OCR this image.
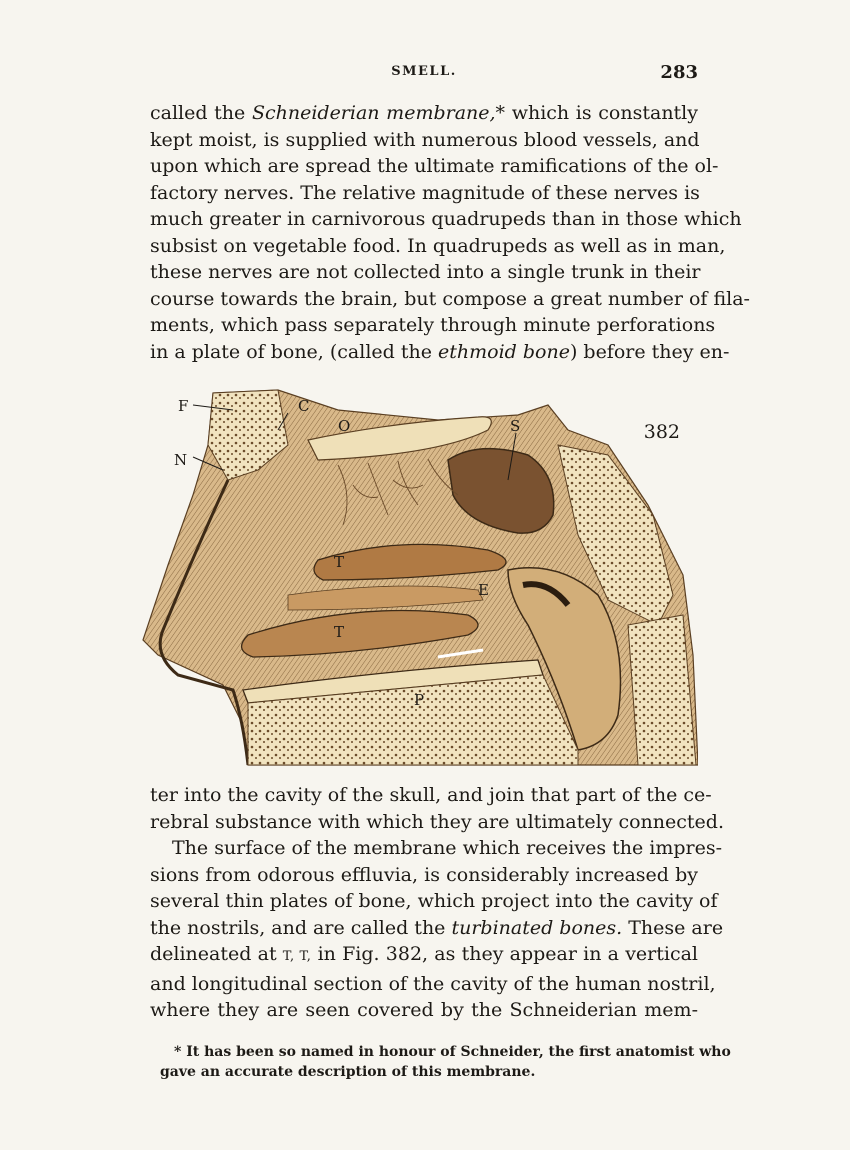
SMELL.	283
called the Schneiderian membrane,* which is constantly
kept moist, is supplied with numerous blood vessels, and
upon which are spread the ultimate ramifications of the ol-
factory nerves. The relative magnitude of these nerves is
much greater in carnivorous quadrupeds than in those which
subsist on vegetable food. In quadrupeds as well as in man,
these nerves are not collected into a single trunk in their
course towards the brain, but compose a great number of fila-
ments, which pass separately through minute perforations
in a plate of bone, (called the ethmoid bone) before they en-
F	C
N
O	S
T
E
T
P
382
ter into the cavity of the skull, and join that part of the ce-
rebral substance with which they are ultimately connected.
The surface of the membrane which receives the impres-
sions from odorous effluvia, is considerably increased by
several thin plates of bone, which project into the cavity of
the nostrils, and are called the turbinated bones. These are
delineated at T, T, in Fig. 382, as they appear in a vertical
and longitudinal section of the cavity of the human nostril,
where they are seen covered by the Schneiderian mem-
* It has been so named in honour of Schneider, the first anatomist who
gave an accurate description of this membrane.
